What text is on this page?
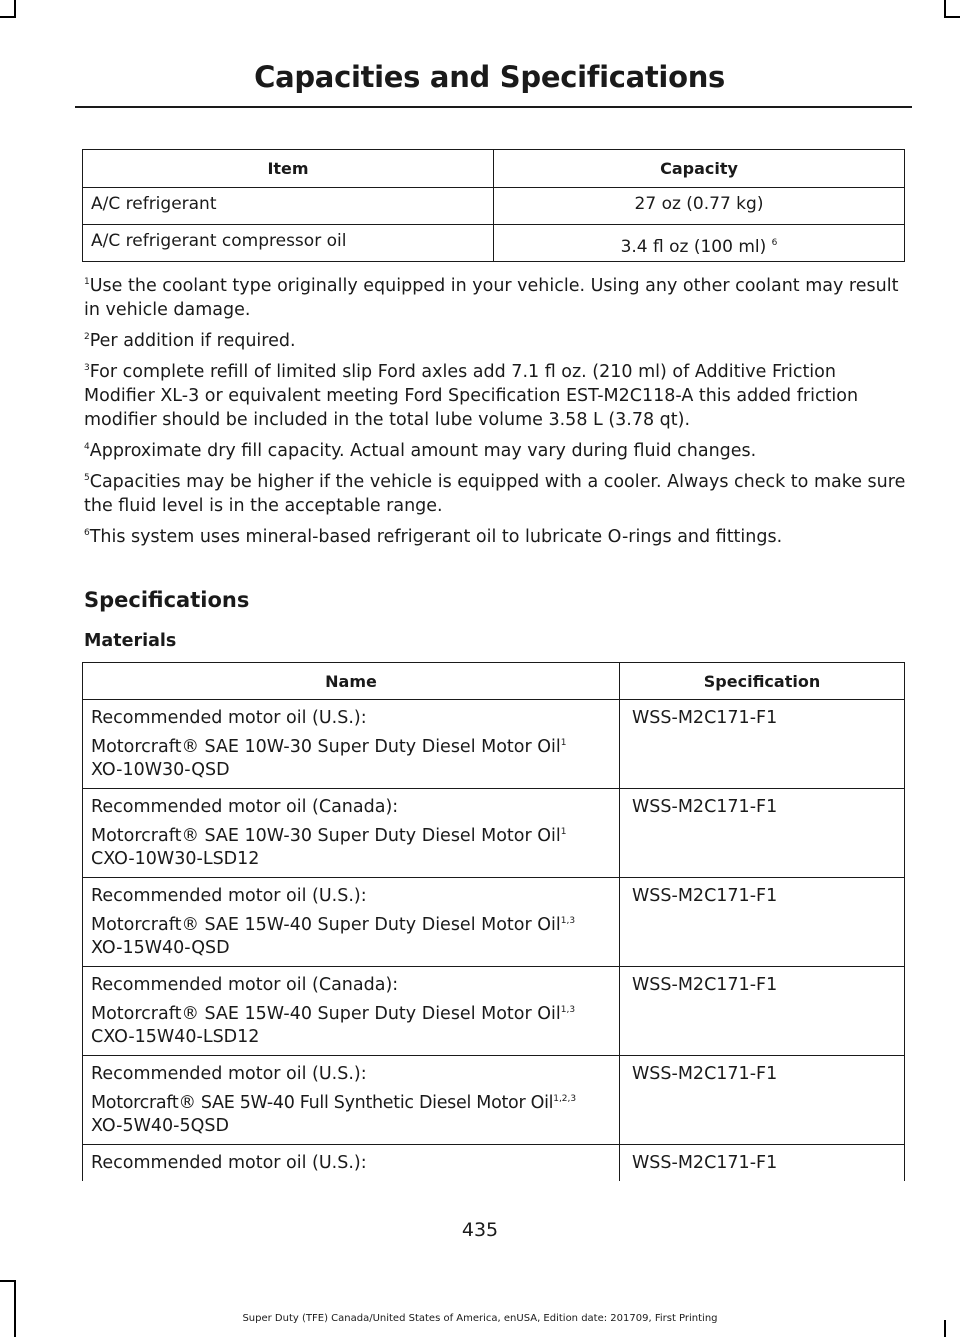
Capacities and Specifications
Item	Capacity
A/C refrigerant	27 oz (0.77 kg)
A/C refrigerant compressor oil	3.4 fl oz (100 ml) $^6$

$^1$Use the coolant type originally equipped in your vehicle. Using any other coolant may result in vehicle damage.

$^2$Per addition if required.

$^3$For complete refill of limited slip Ford axles add 7.1 fl oz. (210 ml) of Additive Friction Modifier XL-3 or equivalent meeting Ford Specification EST-M2C118-A this added friction modifier should be included in the total lube volume 3.58 L (3.78 qt).

$^4$Approximate dry fill capacity. Actual amount may vary during fluid changes.

$^5$Capacities may be higher if the vehicle is equipped with a cooler. Always check to make sure the fluid level is in the acceptable range.

$^6$This system uses mineral-based refrigerant oil to lubricate O-rings and fittings.

Specifications
Materials
Name	Specification

Recommended motor oil (U.S.):
Motorcraft® SAE 10W-30 Super Duty Diesel Motor Oil$^1$
XO-10W30-QSD	WSS-M2C171-F1

Recommended motor oil (Canada):
Motorcraft® SAE 10W-30 Super Duty Diesel Motor Oil$^1$
CXO-10W30-LSD12	WSS-M2C171-F1

Recommended motor oil (U.S.):
Motorcraft® SAE 15W-40 Super Duty Diesel Motor Oil$^{1,3}$
XO-15W40-QSD	WSS-M2C171-F1

Recommended motor oil (Canada):
Motorcraft® SAE 15W-40 Super Duty Diesel Motor Oil$^{1,3}$
CXO-15W40-LSD12	WSS-M2C171-F1

Recommended motor oil (U.S.):
Motorcraft® SAE 5W-40 Full Synthetic Diesel Motor Oil$^{1,2,3}$
XO-5W40-5QSD	WSS-M2C171-F1
Recommended motor oil (U.S.):	WSS-M2C171-F1
435
Super Duty (TFE) Canada/United States of America, enUSA, Edition date: 201709, First Printing
